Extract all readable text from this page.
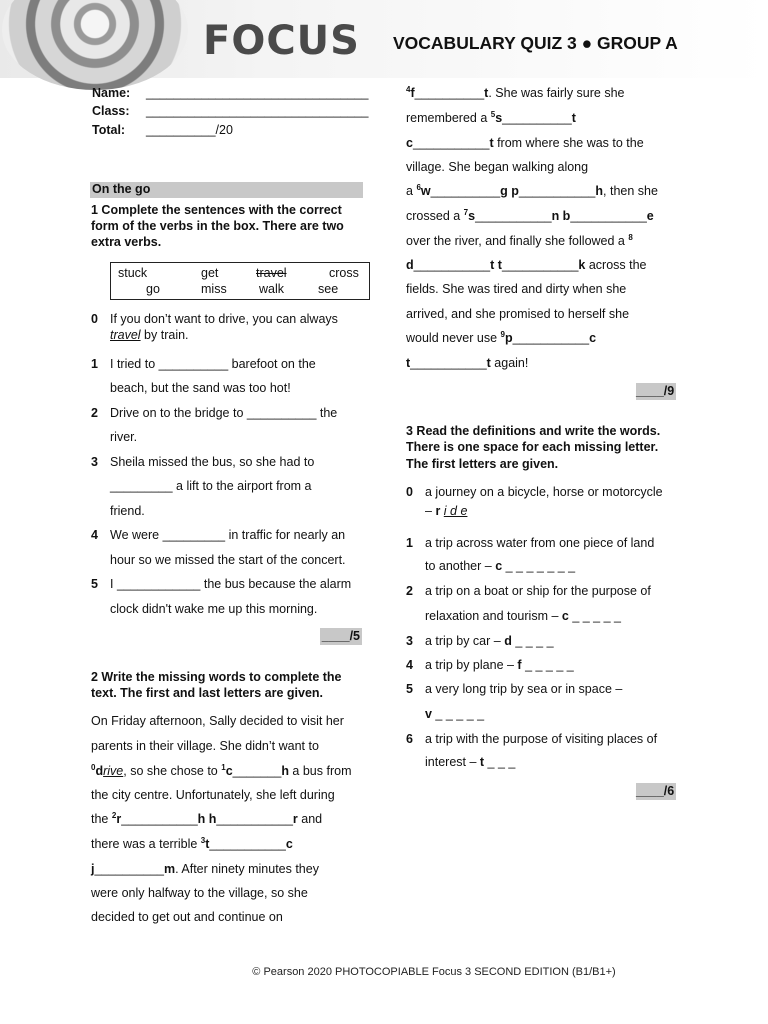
FOCUS VOCABULARY QUIZ 3 ● GROUP A
Name: ________________________________
Class: ________________________________
Total: __________/20
On the go
1 Complete the sentences with the correct
form of the verbs in the box. There are two
extra verbs.
stuck	get	travel	cross
go	miss	walk	see
0 If you don’t want to drive, you can always
travel by train.
1 I tried to __________ barefoot on the
beach, but the sand was too hot!
2 Drive on to the bridge to __________ the
river.
3 Sheila missed the bus, so she had to
_________ a lift to the airport from a
friend.
4 We were _________ in traffic for nearly an
hour so we missed the start of the concert.
5 I ____________ the bus because the alarm
clock didn't wake me up this morning.
____/5
2 Write the missing words to complete the
text. The first and last letters are given.
On Friday afternoon, Sally decided to visit her
parents in their village. She didn’t want to
$^0$drive, so she chose to $^1$c_______h a bus from
the city centre. Unfortunately, she left during
the $^2$r___________h h___________r and
there was a terrible $^3$t___________c
j__________m. After ninety minutes they
were only halfway to the village, so she
decided to get out and continue on
$^4$f__________t. She was fairly sure she
remembered a $^5$s__________t
c___________t from where she was to the
village. She began walking along
a $^6$w__________g p___________h, then she
crossed a $^7$s___________n b___________e
over the river, and finally she followed a $^8$
d___________t t___________k across the
fields. She was tired and dirty when she
arrived, and she promised to herself she
would never use $^9$p___________c
t___________t again!
____/9
3 Read the definitions and write the words.
There is one space for each missing letter.
The first letters are given.
0 a journey on a bicycle, horse or motorcycle
– r i d e
1 a trip across water from one piece of land
to another – c _ _ _ _ _ _ _
2 a trip on a boat or ship for the purpose of
relaxation and tourism – c _ _ _ _ _
3 a trip by car – d _ _ _ _
4 a trip by plane – f _ _ _ _ _
5 a very long trip by sea or in space –
v _ _ _ _ _
6 a trip with the purpose of visiting places of
interest – t _ _ _
____/6
© Pearson 2020 PHOTOCOPIABLE Focus 3 SECOND EDITION (B1/B1+)
